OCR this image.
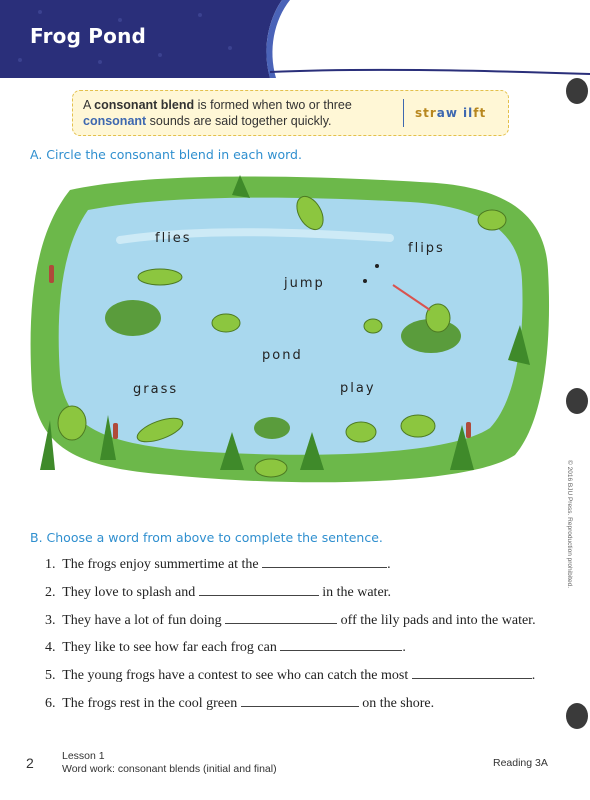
Frog Pond
A consonant blend is formed when two or three consonant sounds are said together quickly.
straw ilft
A. Circle the consonant blend in each word.
flies
flips
jump
pond
grass	play
B. Choose a word from above to complete the sentence.
1. The frogs enjoy summertime at the	.
2. They love to splash and	in the water.
3. They have a lot of fun doing	off the lily pads and into the water.
4. They like to see how far each frog can	.
5. The young frogs have a contest to see who can catch the most	.
6. The frogs rest in the cool green	on the shore.
© 2016 BJU Press. Reproduction prohibited.
2	Lesson 1
Word work: consonant blends (initial and final)	Reading 3A
